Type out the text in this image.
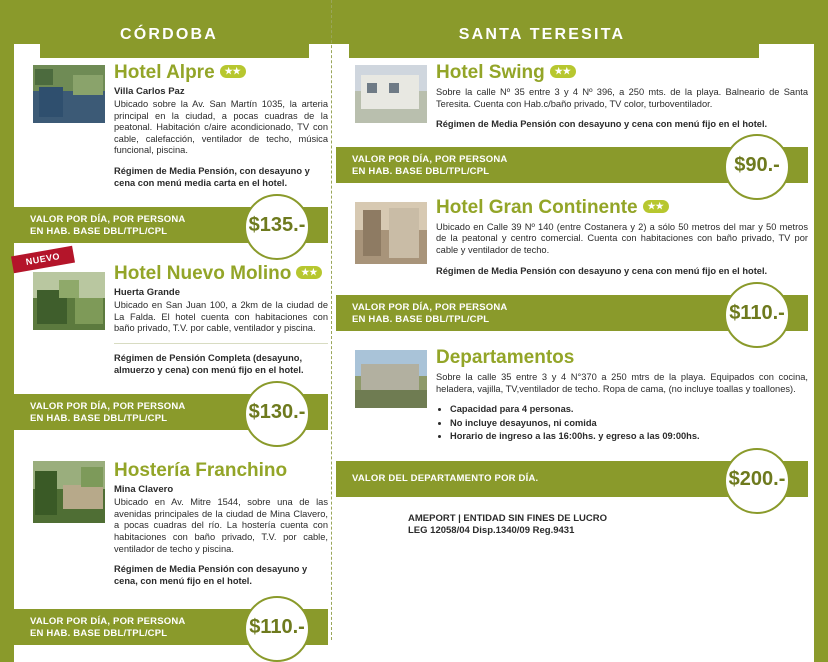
CÓRDOBA	SANTA TERESITA
Hotel Alpre ★★
Villa Carlos Paz
Ubicado sobre la Av. San Martín 1035, la arteria principal en la ciudad, a pocas cuadras de la peatonal. Habitación c/aire acondicionado, TV con cable, calefacción, ventilador de techo, música funcional, piscina.
Régimen de Media Pensión, con desayuno y cena con menú media carta en el hotel.
VALOR POR DÍA, POR PERSONA
EN HAB. BASE DBL/TPL/CPL	$135.-
NUEVO
Hotel Nuevo Molino ★★
Huerta Grande
Ubicado en San Juan 100, a 2km de la ciudad de La Falda. El hotel cuenta con habitaciones con baño privado, T.V. por cable, ventilador y piscina.
Régimen de Pensión Completa (desayuno, almuerzo y cena) con menú fijo en el hotel.
VALOR POR DÍA, POR PERSONA
EN HAB. BASE DBL/TPL/CPL	$130.-
Hostería Franchino
Mina Clavero
Ubicado en Av. Mitre 1544, sobre una de las avenidas principales de la ciudad de Mina Clavero, a pocas cuadras del río. La hostería cuenta con habitaciones con baño privado, T.V. por cable, ventilador de techo y piscina.
Régimen de Media Pensión con desayuno y cena, con menú fijo en el hotel.
VALOR POR DÍA, POR PERSONA
EN HAB. BASE DBL/TPL/CPL	$110.-
Hotel Swing ★★
Sobre la calle Nº 35 entre 3 y 4 Nº 396, a 250 mts. de la playa. Balneario de Santa Teresita. Cuenta con Hab.c/baño privado, TV color, turboventilador.
Régimen de Media Pensión con desayuno y cena con menú fijo en el hotel.
VALOR POR DÍA, POR PERSONA
EN HAB. BASE DBL/TPL/CPL	$90.-
Hotel Gran Continente ★★
Ubicado en Calle 39 Nº 140 (entre Costanera y 2) a sólo 50 metros del mar y 50 metros de la peatonal y centro comercial. Cuenta con habitaciones con baño privado, TV por cable y ventilador de techo.
Régimen de Media Pensión con desayuno y cena con menú fijo en el hotel.
VALOR POR DÍA, POR PERSONA
EN HAB. BASE DBL/TPL/CPL	$110.-
Departamentos
Sobre la calle 35 entre 3 y 4 N°370 a 250 mtrs de la playa. Equipados con cocina, heladera, vajilla, TV,ventilador de techo. Ropa de cama, (no incluye toallas y toallones).
• Capacidad para 4 personas.
• No incluye desayunos, ni comida
• Horario de ingreso a las 16:00hs. y egreso a las 09:00hs.
VALOR DEL DEPARTAMENTO POR DÍA.	$200.-
AMEPORT | ENTIDAD SIN FINES DE LUCRO
LEG 12058/04 Disp.1340/09 Reg.9431
